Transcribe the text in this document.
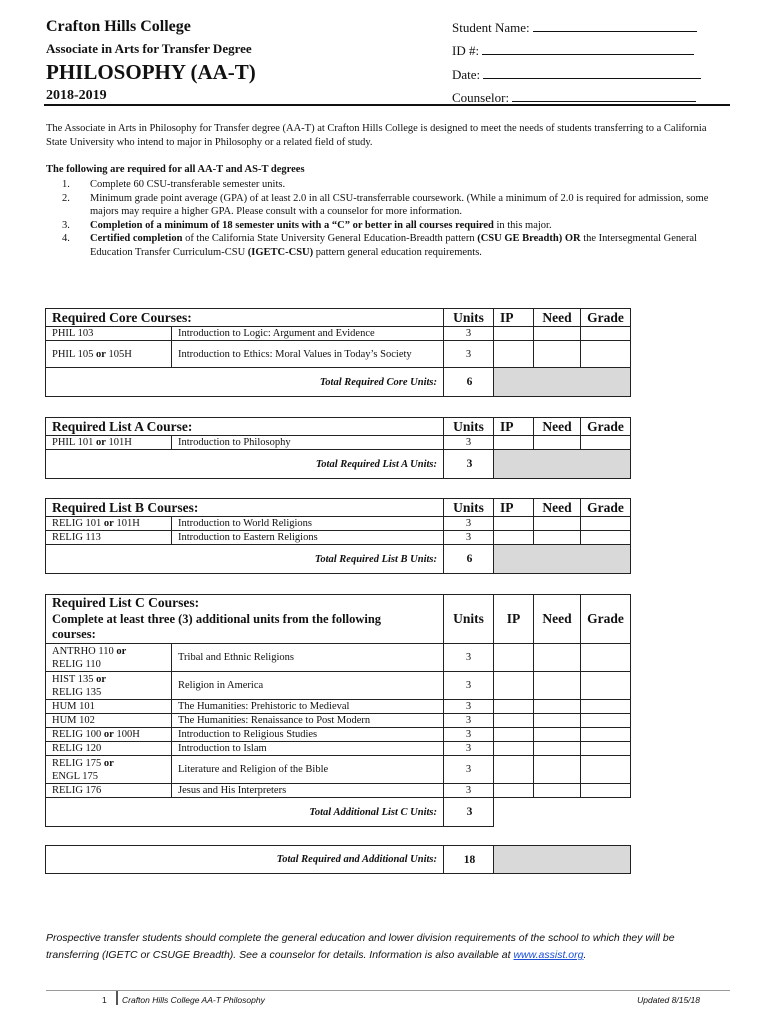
Crafton Hills College
Associate in Arts for Transfer Degree
PHILOSOPHY (AA-T)
2018-2019
Student Name:
ID #:
Date:
Counselor:
The Associate in Arts in Philosophy for Transfer degree (AA-T) at Crafton Hills College is designed to meet the needs of students transferring to a California State University who intend to major in Philosophy or a related field of study.
The following are required for all AA-T and AS-T degrees
1.	Complete 60 CSU-transferable semester units.
2.	Minimum grade point average (GPA) of at least 2.0 in all CSU-transferrable coursework. (While a minimum of 2.0 is required for admission, some majors may require a higher GPA. Please consult with a counselor for more information.
3.	Completion of a minimum of 18 semester units with a “C” or better in all courses required in this major.
4.	Certified completion of the California State University General Education-Breadth pattern (CSU GE Breadth) OR the Intersegmental General Education Transfer Curriculum-CSU (IGETC-CSU) pattern general education requirements.
Required Core Courses:		Units	IP	Need	Grade
PHIL 103	Introduction to Logic: Argument and Evidence	3			
PHIL 105 or 105H	Introduction to Ethics: Moral Values in Today’s Society	3			
Total Required Core Units:		6			
Required List A Course:		Units	IP	Need	Grade
PHIL 101 or 101H	Introduction to Philosophy	3			
Total Required List A Units:		3			
Required List B Courses:		Units	IP	Need	Grade
RELIG 101 or 101H	Introduction to World Religions	3			
RELIG 113	Introduction to Eastern Religions	3			
Total Required List B Units:		6			
Required List C Courses:		Units	IP	Need	Grade
Complete at least three (3) additional units from the following courses:					
ANTRHO 110 or
RELIG 110	Tribal and Ethnic Religions	3			
HIST 135 or
RELIG 135	Religion in America	3			
HUM 101	The Humanities: Prehistoric to Medieval	3			
HUM 102	The Humanities: Renaissance to Post Modern	3			
RELIG 100 or 100H	Introduction to Religious Studies	3			
RELIG 120	Introduction to Islam	3			
RELIG 175 or
ENGL 175	Literature and Religion of the Bible	3			
RELIG 176	Jesus and His Interpreters	3			
Total Additional List C Units:		3			
Total Required and Additional Units:	18	
Prospective transfer students should complete the general education and lower division requirements of the school to which they will be transferring (IGETC or CSUGE Breadth). See a counselor for details. Information is also available at www.assist.org.
1 Crafton Hills College AA-T Philosophy	Updated 8/15/18
